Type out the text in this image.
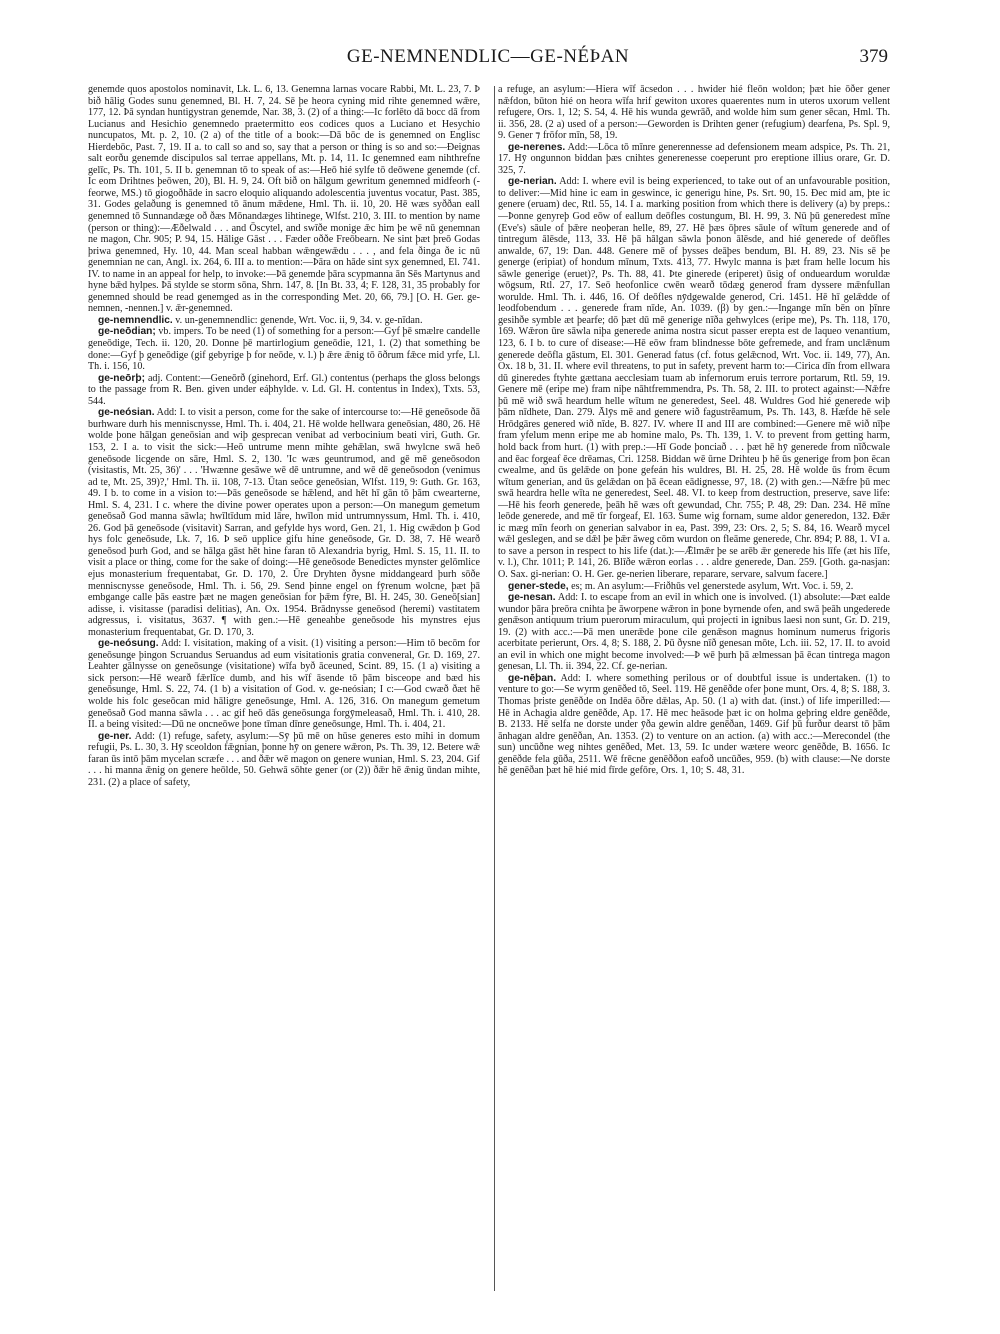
GE-NEMNENDLIC—GE-NÉÞAN	379

genemde quos apostolos nominavit, Lk. L. 6, 13. Genemna larnas vocare Rabbi, Mt. L. 23, 7. Þ bið hālig Godes sunu genemned, Bl. H. 7, 24. Sē þe heora cyning mid rihte genemned wǣre, 177, 12. Þā syndan huntigystran genemde, Nar. 38, 3. (2) of a thing:—Ic forlēto dā bocc dā from Lucianus and Hesichio genemnedo praetermitto eos codices quos a Luciano et Hesychio nuncupatos, Mt. p. 2, 10. (2 a) of the title of a book:—Dā bōc de is genemned on Englisc Hierdebōc, Past. 7, 19. II a. to call so and so, say that a person or thing is so and so:—Ðeignas salt eorðu genemde discipulos sal terrae appellans, Mt. p. 14, 11. Ic genemned eam nihthrefne gelīc, Ps. Th. 101, 5. II b. genemnan tō to speak of as:—Heō hié sylfe tō deōwene genemde (cf. Ic eom Drihtnes þeōwen, 20), Bl. H. 9, 24. Oft bið on hālgum gewritum genemned midfeorh (-feorwe, MS.) tō giogoðhāde in sacro eloquio aliquando adolescentia juventus vocatur, Past. 385, 31. Godes gelaðung is genemned tō ānum mǣdene, Hml. Th. ii. 10, 20. Hē wæs syððan eall genemned tō Sunnandæge oð ðæs Mōnandæges lihtinege, Wlfst. 210, 3. III. to mention by name (person or thing):—Æðelwald . . . and Ōscytel, and swīðe monige ǣc him þe wē nū genemnan ne magon, Chr. 905; P. 94, 15. Hālige Gāst . . . Fæder oððe Freōbearn. Ne sint þæt þreō Godas þriwa genemned, Hy. 10, 44. Man sceal habban wǣngewǣdu . . . , and fela ðinga ðe ic nū genemnian ne can, Angl. ix. 264, 6. III a. to mention:—Þāra on hāde sint syx genemned, El. 741. IV. to name in an appeal for help, to invoke:—Þā genemde þāra scypmanna ān Sēs Martynus and hyne bǣd hylpes. Þā stylde se storm sōna, Shrn. 147, 8. [In Bt. 33, 4; F. 128, 31, 35 probably for genemned should be read genemged as in the corresponding Met. 20, 66, 79.] [O. H. Ger. ge-nemnen, -nennen.] v. ǣr-genemned.

ge-nemnendlic. v. un-genemnendlic: genende, Wrt. Voc. ii, 9, 34. v. ge-nīdan.

ge-neōdian; vb. impers. To be need (1) of something for a person:—Gyf þē smælre candelle geneōdige, Tech. ii. 120, 20. Donne þē martirlogium geneōdie, 121, 1. (2) that something be done:—Gyf þ geneōdige (gif gebyrige þ for neōde, v. l.) þ ǣre ǣnig tō ōðrum fǣce mid yrfe, Ll. Th. i. 156, 10.

ge-neōrþ; adj. Content:—Geneōrð (ginehord, Erf. Gl.) contentus (perhaps the gloss belongs to the passage from R. Ben. given under eáþhylde. v. Ld. Gl. H. contentus in Index), Txts. 53, 544.

ge-neósian. Add: I. to visit a person, come for the sake of intercourse to:—Hē geneōsode ðā burhware durh his menniscnysse, Hml. Th. i. 404, 21. Hē wolde hellwara geneōsian, 480, 26. Hē wolde þone hālgan geneōsian and wiþ gesprecan venibat ad verbocinium beati viri, Guth. Gr. 153, 2. I a. to visit the sick:—Heō untrume menn mihte gehǣlan, swā hwylcne swā heō geneōsode licgende on sāre, Hml. S. 2, 130. 'Ic wæs geuntrumod, and gē mē geneōsodon (visitastis, Mt. 25, 36)' . . . 'Hwænne gesāwe wē dē untrumne, and wē dē geneōsodon (venimus ad te, Mt. 25, 39)?,' Hml. Th. ii. 108, 7-13. Ūtan seōce geneōsian, Wlfst. 119, 9: Guth. Gr. 163, 49. I b. to come in a vision to:—Þās geneōsode se hǣlend, and hēt hī gān tō þām cwearterne, Hml. S. 4, 231. I c. where the divine power operates upon a person:—On manegum gemetum geneōsað God manna sāwla; hwīltīdum mid lāre, hwīlon mid untrumnyssum, Hml. Th. i. 410, 26. God þā geneōsode (visitavit) Sarran, and gefylde hys word, Gen. 21, 1. Hig cwǣdon þ God hys folc geneōsude, Lk. 7, 16. Þ seō upplice gifu hine geneōsode, Gr. D. 38, 7. Hē wearð geneōsod þurh God, and se hālga gāst hēt hine faran tō Alexandria byrig, Hml. S. 15, 11. II. to visit a place or thing, come for the sake of doing:—Hē geneōsode Benedictes mynster gelōmlice ejus monasterium frequentabat, Gr. D. 170, 2. Ūre Dryhten ðysne middangeard þurh sōðe menniscnysse geneōsode, Hml. Th. i. 56, 29. Send þinne engel on fȳrenum wolcne, þæt þā embgange calle þās eastre þæt ne magen geneōsian for þǣm fȳre, Bl. H. 245, 30. Geneō[sian] adisse, i. visitasse (paradisi delitias), An. Ox. 1954. Brādnysse geneōsod (heremi) vastitatem adgressus, i. visitatus, 3637. ¶ with gen.:—Hē geneahbe geneōsode his mynstres ejus monasterium frequentabat, Gr. D. 170, 3.

ge-neósung. Add: I. visitation, making of a visit. (1) visiting a person:—Him tō becōm for geneōsunge þingon Scruandus Seruandus ad eum visitationis gratia conveneral, Gr. D. 169, 27. Leahter gālnysse on geneōsunge (visitatione) wīfa byð āceuned, Scint. 89, 15. (1 a) visiting a sick person:—Hē wearð fǣrlīce dumb, and his wīf āsende tō þām bisceope and bæd his geneōsunge, Hml. S. 22, 74. (1 b) a visitation of God. v. ge-neósian; I c:—God cwæð ðæt hē wolde his folc geseōcan mid hāligre geneōsunge, Hml. A. 126, 316. On manegum gemetum geneōsað God manna sāwla . . . ac gif heō dās geneōsunga forgȳmeleasað, Hml. Th. i. 410, 28. II. a being visited:—Dū ne oncneōwe þone tīman dīnre geneōsunge, Hml. Th. i. 404, 21.

ge-ner. Add: (1) refuge, safety, asylum:—Sȳ þū mē on hūse generes esto mihi in domum refugii, Ps. L. 30, 3. Hȳ sceoldon fǣgnian, þonne hȳ on genere wǣron, Ps. Th. 39, 12. Betere wǣ faran ūs intō þām mycelan scræfe . . . and ðǣr wē magon on genere wunian, Hml. S. 23, 204. Gif . . . hi manna ǣnig on genere heōlde, 50. Gehwā sōhte gener (or (2)) ðǣr hē ǣnig ūndan mihte, 231. (2) a place of safety,

a refuge, an asylum:—Hiera wīf ācsedon . . . hwider hié fleōn woldon; þæt hie ōðer gener nǣfdon, būton hié on heora wīfa hrif gewiton uxores quaerentes num in uteros uxorum vellent refugere, Ors. 1, 12; S. 54, 4. Hē his wunda gewrāð, and wolde him sum gener sēcan, Hml. Th. ii. 356, 28. (2 a) used of a person:—Geworden is Drihten gener (refugium) dearfena, Ps. Spl. 9, 9. Gener ⁊ frōfor mīn, 58, 19.

ge-nerenes. Add:—Lōca tō mīnre generennesse ad defensionem meam adspice, Ps. Th. 21, 17. Hȳ ongunnon biddan þæs cnihtes generenesse coeperunt pro ereptione illius orare, Gr. D. 325, 7.

ge-nerian. Add: I. where evil is being experienced, to take out of an unfavourable position, to deliver:—Mid hine ic eam in geswince, ic generigu hine, Ps. Srt. 90, 15. Ðec mid am, þte ic genere (eruam) dec, Rtl. 55, 14. I a. marking position from which there is delivery (a) by preps.:—Þonne genyreþ God eōw of eallum deōfles costungum, Bl. H. 99, 3. Nū þū generedest mīne (Eve's) sāule of þǣre neoþeran helle, 89, 27. Hē þæs ōþres sāule of wītum generede and of tintregum ālēsde, 113, 33. Hē þā hālgan sāwla þonon ālēsde, and hié generede of deōfles anwalde, 67, 19: Dan. 448. Genere mē of þysses deāþes bendum, Bl. H. 89, 23. Nis sē þe generge (eripiat) of hondum mīnum, Txts. 413, 77. Hwylc manna is þæt fram helle locum his sāwle generige (eruet)?, Ps. Th. 88, 41. Þte ginerede (eriperet) ūsig of ondueardum woruldæ wōgsum, Rtl. 27, 17. Seō heofonlice cwēn wearð tōdæg generod fram dyssere mǣnfullan worulde. Hml. Th. i. 446, 16. Of deōfles nȳdgewalde generod, Cri. 1451. Hē hī gelǣdde of leodfobendum . . . generede fram nīde, An. 1039. (β) by gen.:—Ingange mīn bēn on þīnre gesihðe symble æt þearfe; dō þæt dū mē generige nīða gehwylces (eripe me), Ps. Th. 118, 170, 169. Wǣron ūre sāwla niþa generede anima nostra sicut passer erepta est de laqueo venantium, 123, 6. I b. to cure of disease:—Hē eōw fram blindnesse bōte gefremede, and fram unclǣnum generede deōfla gāstum, El. 301. Generad fatus (cf. fotus gelǣcnod, Wrt. Voc. ii. 149, 77), An. Ox. 18 b, 31. II. where evil threatens, to put in safety, prevent harm to:—Cirica dīn from ellwara dū gineredes ftyhte gættana aecclesiam tuam ab infernorum eruis terrore portarum, Rtl. 59, 19. Genere mē (eripe me) fram niþe nāhtfremmendra, Ps. Th. 58, 2. III. to protect against:—Nǣfre þū mē wið swā heardum helle wītum ne generedest, Seel. 48. Wuldres God hié generede wiþ þām nīdhete, Dan. 279. Ālȳs mē and genere wið fagustrēamum, Ps. Th. 143, 8. Hæfde hē sele Hrōdgāres genered wið nīde, B. 827. IV. where II and III are combined:—Genere mē wið nīþe fram yfelum menn eripe me ab homine malo, Ps. Th. 139, 1. V. to prevent from getting harm, hold back from hurt. (1) with prep.:—Hī Gode þonciað . . . þæt hē hȳ generede from nīðcwale and ēac forgeaf ēce drēamas, Cri. 1258. Biddan wē ūrne Drihteu þ hē ūs generige from þon ēcan cwealme, and ūs gelǣde on þone gefeán his wuldres, Bl. H. 25, 28. Hē wolde ūs from ēcum wītum generian, and ūs gelǣdan on þā ēcean eādignesse, 97, 18. (2) with gen.:—Nǣfre þū mec swā heardra helle wīta ne generedest, Seel. 48. VI. to keep from destruction, preserve, save life:—Hē his feorh generede, þeāh hē wæs oft gewundad, Chr. 755; P. 48, 29: Dan. 234. Hē mīne leōde generede, and mē tīr forgeaf, El. 163. Sume wig fornam, sume aldor generedon, 132. Ðǣr ic mæg mīn feorh on generian salvabor in ea, Past. 399, 23: Ors. 2, 5; S. 84, 16. Wearð mycel wǣl geslegen, and se dǣl þe þǣr āweg cōm wurdon on fleāme generede, Chr. 894; P. 88, 1. VI a. to save a person in respect to his life (dat.):—Ǣlmǣr þe se arēb ǣr generede his līfe (æt his līfe, v. l.), Chr. 1011; P. 141, 26. Blīðe wǣron eorlas . . . aldre generede, Dan. 259. [Goth. ga-nasjan: O. Sax. gi-nerian: O. H. Ger. ge-nerien liberare, reparare, servare, salvum facere.]

gener-stede, es; m. An asylum:—Friðhūs vel generstede asylum, Wrt. Voc. i. 59, 2.

ge-nesan. Add: I. to escape from an evil in which one is involved. (1) absolute:—Þæt ealde wundor þāra þreōra cnihta þe āworpene wǣron in þone byrnende ofen, and swā þeāh ungederede genǣson antiquum trium puerorum miraculum, qui projecti in ignibus laesi non sunt, Gr. D. 219, 19. (2) with acc.:—Þā men unerǣde þone cile genǣson magnus hominum numerus frigoris acerbitate perierunt, Ors. 4, 8; S. 188, 2. Þū ðysne nīð genesan mōte, Lch. iii. 52, 17. II. to avoid an evil in which one might become involved:—Þ wē þurh þā ælmessan þā ēcan tintrega magon genesan, Ll. Th. ii. 394, 22. Cf. ge-nerian.

ge-nēþan. Add: I. where something perilous or of doubtful issue is undertaken. (1) to venture to go:—Se wyrm genēðed tō, Seel. 119. Hē genēðde ofer þone munt, Ors. 4, 8; S. 188, 3. Thomas þriste genēðde on Indēa ōðre dǣlas, Ap. 50. (1 a) with dat. (inst.) of life imperilled:—Hē in Achagia aldre genēðde, Ap. 17. Hē mec heāsode þæt ic on holma geþring eldre genēðde, B. 2133. Hē selfa ne dorste under ȳða gewin aldre genēðan, 1469. Gif þū furður dearst tō þām ānhagan aldre genēðan, An. 1353. (2) to venture on an action. (a) with acc.:—Merecondel (the sun) uncūðne weg nihtes genēðed, Met. 13, 59. Ic under wætere weorc genēðde, B. 1656. Ic genēðde fela gūða, 2511. Wē frēcne genēððon eafoð uncūðes, 959. (b) with clause:—Ne dorste hē genēðan þæt hē hié mid fīrde gefōre, Ors. 1, 10; S. 48, 31.
